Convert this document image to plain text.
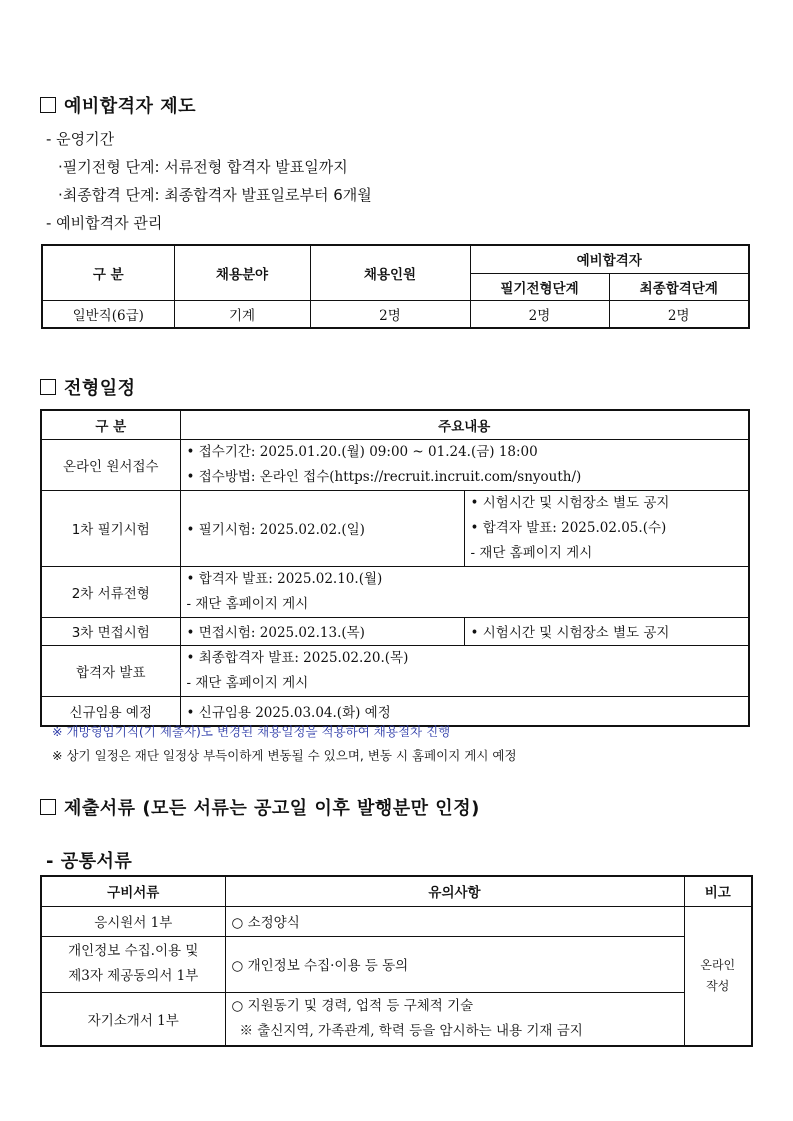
예비합격자 제도
- 운영기간
·필기전형 단계: 서류전형 합격자 발표일까지
·최종합격 단계: 최종합격자 발표일로부터 6개월
- 예비합격자 관리
구 분	채용분야	채용인원	예비합격자	
			필기전형단계	최종합격단계
일반직(6급)	기계	2명	2명	2명
전형일정
구 분	주요내용	
온라인 원서접수	• 접수기간: 2025.01.20.(월) 09:00 ~ 01.24.(금) 18:00
• 접수방법: 온라인 접수(https://recruit.incruit.com/snyouth/)

1차 필기시험	• 필기시험: 2025.02.02.(일)	• 시험시간 및 시험장소 별도 공지
• 합격자 발표: 2025.02.05.(수)
- 재단 홈페이지 게시

2차 서류전형	• 합격자 발표: 2025.02.10.(월)
- 재단 홈페이지 게시

3차 면접시험	• 면접시험: 2025.02.13.(목)	• 시험시간 및 시험장소 별도 공지
합격자 발표	• 최종합격자 발표: 2025.02.20.(목)
- 재단 홈페이지 게시

신규임용 예정	• 신규임용 2025.03.04.(화) 예정
※ 개방형임기직(기 제출자)도 변경된 채용일정을 적용하여 채용절차 진행
※ 상기 일정은 재단 일정상 부득이하게 변동될 수 있으며, 변동 시 홈페이지 게시 예정
제출서류 (모든 서류는 공고일 이후 발행분만 인정)
- 공통서류
구비서류	유의사항	비고
응시원서 1부	○ 소정양식	온라인
작성

개인정보 수집.이용 및
제3자 제공동의서 1부	○ 개인정보 수집·이용 등 동의	
자기소개서 1부	○ 지원동기 및 경력, 업적 등 구체적 기술
※ 출신지역, 가족관계, 학력 등을 암시하는 내용 기재 금지	
